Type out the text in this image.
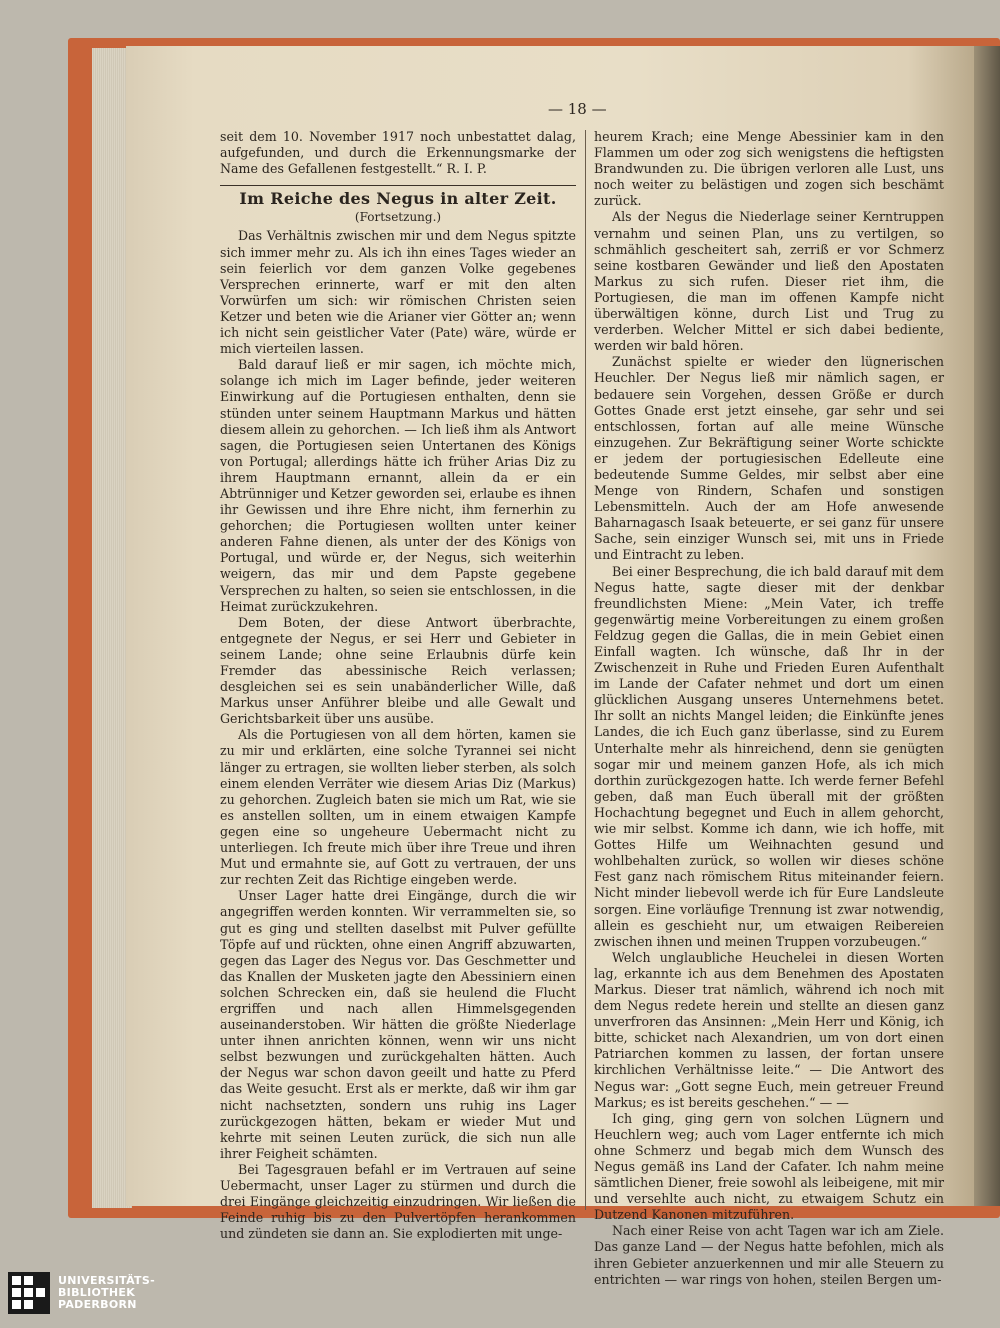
— 18 —

seit dem 10. November 1917 noch unbestattet dalag, aufgefunden, und durch die Erkennungsmarke der Name des Gefallenen festgestellt.“ R. I. P.

Im Reiche des Negus in alter Zeit.
(Fortsetzung.)

Das Verhältnis zwischen mir und dem Negus spitzte sich immer mehr zu. Als ich ihn eines Tages wieder an sein feierlich vor dem ganzen Volke gegebenes Versprechen erinnerte, warf er mit den alten Vorwürfen um sich: wir römischen Christen seien Ketzer und beten wie die Arianer vier Götter an; wenn ich nicht sein geistlicher Vater (Pate) wäre, würde er mich vierteilen lassen.

Bald darauf ließ er mir sagen, ich möchte mich, solange ich mich im Lager befinde, jeder weiteren Einwirkung auf die Portugiesen enthalten, denn sie stünden unter seinem Hauptmann Markus und hätten diesem allein zu gehorchen. — Ich ließ ihm als Antwort sagen, die Portugiesen seien Untertanen des Königs von Portugal; allerdings hätte ich früher Arias Diz zu ihrem Hauptmann ernannt, allein da er ein Abtrünniger und Ketzer geworden sei, erlaube es ihnen ihr Gewissen und ihre Ehre nicht, ihm fernerhin zu gehorchen; die Portugiesen wollten unter keiner anderen Fahne dienen, als unter der des Königs von Portugal, und würde er, der Negus, sich weiterhin weigern, das mir und dem Papste gegebene Versprechen zu halten, so seien sie entschlossen, in die Heimat zurückzukehren.

Dem Boten, der diese Antwort überbrachte, entgegnete der Negus, er sei Herr und Gebieter in seinem Lande; ohne seine Erlaubnis dürfe kein Fremder das abessinische Reich verlassen; desgleichen sei es sein unabänderlicher Wille, daß Markus unser Anführer bleibe und alle Gewalt und Gerichtsbarkeit über uns ausübe.

Als die Portugiesen von all dem hörten, kamen sie zu mir und erklärten, eine solche Tyrannei sei nicht länger zu ertragen, sie wollten lieber sterben, als solch einem elenden Verräter wie diesem Arias Diz (Markus) zu gehorchen. Zugleich baten sie mich um Rat, wie sie es anstellen sollten, um in einem etwaigen Kampfe gegen eine so ungeheure Uebermacht nicht zu unterliegen. Ich freute mich über ihre Treue und ihren Mut und ermahnte sie, auf Gott zu vertrauen, der uns zur rechten Zeit das Richtige eingeben werde.

Unser Lager hatte drei Eingänge, durch die wir angegriffen werden konnten. Wir verrammelten sie, so gut es ging und stellten daselbst mit Pulver gefüllte Töpfe auf und rückten, ohne einen Angriff abzuwarten, gegen das Lager des Negus vor. Das Geschmetter und das Knallen der Musketen jagte den Abessiniern einen solchen Schrecken ein, daß sie heulend die Flucht ergriffen und nach allen Himmelsgegenden auseinanderstoben. Wir hätten die größte Niederlage unter ihnen anrichten können, wenn wir uns nicht selbst bezwungen und zurückgehalten hätten. Auch der Negus war schon davon geeilt und hatte zu Pferd das Weite gesucht. Erst als er merkte, daß wir ihm gar nicht nachsetzten, sondern uns ruhig ins Lager zurückgezogen hätten, bekam er wieder Mut und kehrte mit seinen Leuten zurück, die sich nun alle ihrer Feigheit schämten.

Bei Tagesgrauen befahl er im Vertrauen auf seine Uebermacht, unser Lager zu stürmen und durch die drei Eingänge gleichzeitig einzudringen. Wir ließen die Feinde ruhig bis zu den Pulvertöpfen herankommen und zündeten sie dann an. Sie explodierten mit unge-

heurem Krach; eine Menge Abessinier kam in den Flammen um oder zog sich wenigstens die heftigsten Brandwunden zu. Die übrigen verloren alle Lust, uns noch weiter zu belästigen und zogen sich beschämt zurück.

Als der Negus die Niederlage seiner Kerntruppen vernahm und seinen Plan, uns zu vertilgen, so schmählich gescheitert sah, zerriß er vor Schmerz seine kostbaren Gewänder und ließ den Apostaten Markus zu sich rufen. Dieser riet ihm, die Portugiesen, die man im offenen Kampfe nicht überwältigen könne, durch List und Trug zu verderben. Welcher Mittel er sich dabei bediente, werden wir bald hören.

Zunächst spielte er wieder den lügnerischen Heuchler. Der Negus ließ mir nämlich sagen, er bedauere sein Vorgehen, dessen Größe er durch Gottes Gnade erst jetzt einsehe, gar sehr und sei entschlossen, fortan auf alle meine Wünsche einzugehen. Zur Bekräftigung seiner Worte schickte er jedem der portugiesischen Edelleute eine bedeutende Summe Geldes, mir selbst aber eine Menge von Rindern, Schafen und sonstigen Lebensmitteln. Auch der am Hofe anwesende Baharnagasch Isaak beteuerte, er sei ganz für unsere Sache, sein einziger Wunsch sei, mit uns in Friede und Eintracht zu leben.

Bei einer Besprechung, die ich bald darauf mit dem Negus hatte, sagte dieser mit der denkbar freundlichsten Miene: „Mein Vater, ich treffe gegenwärtig meine Vorbereitungen zu einem großen Feldzug gegen die Gallas, die in mein Gebiet einen Einfall wagten. Ich wünsche, daß Ihr in der Zwischenzeit in Ruhe und Frieden Euren Aufenthalt im Lande der Cafater nehmet und dort um einen glücklichen Ausgang unseres Unternehmens betet. Ihr sollt an nichts Mangel leiden; die Einkünfte jenes Landes, die ich Euch ganz überlasse, sind zu Eurem Unterhalte mehr als hinreichend, denn sie genügten sogar mir und meinem ganzen Hofe, als ich mich dorthin zurückgezogen hatte. Ich werde ferner Befehl geben, daß man Euch überall mit der größten Hochachtung begegnet und Euch in allem gehorcht, wie mir selbst. Komme ich dann, wie ich hoffe, mit Gottes Hilfe um Weihnachten gesund und wohlbehalten zurück, so wollen wir dieses schöne Fest ganz nach römischem Ritus miteinander feiern. Nicht minder liebevoll werde ich für Eure Landsleute sorgen. Eine vorläufige Trennung ist zwar notwendig, allein es geschieht nur, um etwaigen Reibereien zwischen ihnen und meinen Truppen vorzubeugen.“

Welch unglaubliche Heuchelei in diesen Worten lag, erkannte ich aus dem Benehmen des Apostaten Markus. Dieser trat nämlich, während ich noch mit dem Negus redete herein und stellte an diesen ganz unverfroren das Ansinnen: „Mein Herr und König, ich bitte, schicket nach Alexandrien, um von dort einen Patriarchen kommen zu lassen, der fortan unsere kirchlichen Verhältnisse leite.“ — Die Antwort des Negus war: „Gott segne Euch, mein getreuer Freund Markus; es ist bereits geschehen.“ — —

Ich ging, ging gern von solchen Lügnern und Heuchlern weg; auch vom Lager entfernte ich mich ohne Schmerz und begab mich dem Wunsch des Negus gemäß ins Land der Cafater. Ich nahm meine sämtlichen Diener, freie sowohl als leibeigene, mit mir und versehlte auch nicht, zu etwaigem Schutz ein Dutzend Kanonen mitzuführen.

Nach einer Reise von acht Tagen war ich am Ziele. Das ganze Land — der Negus hatte befohlen, mich als ihren Gebieter anzuerkennen und mir alle Steuern zu entrichten — war rings von hohen, steilen Bergen um-

UNIVERSITÄTS-
BIBLIOTHEK
PADERBORN
